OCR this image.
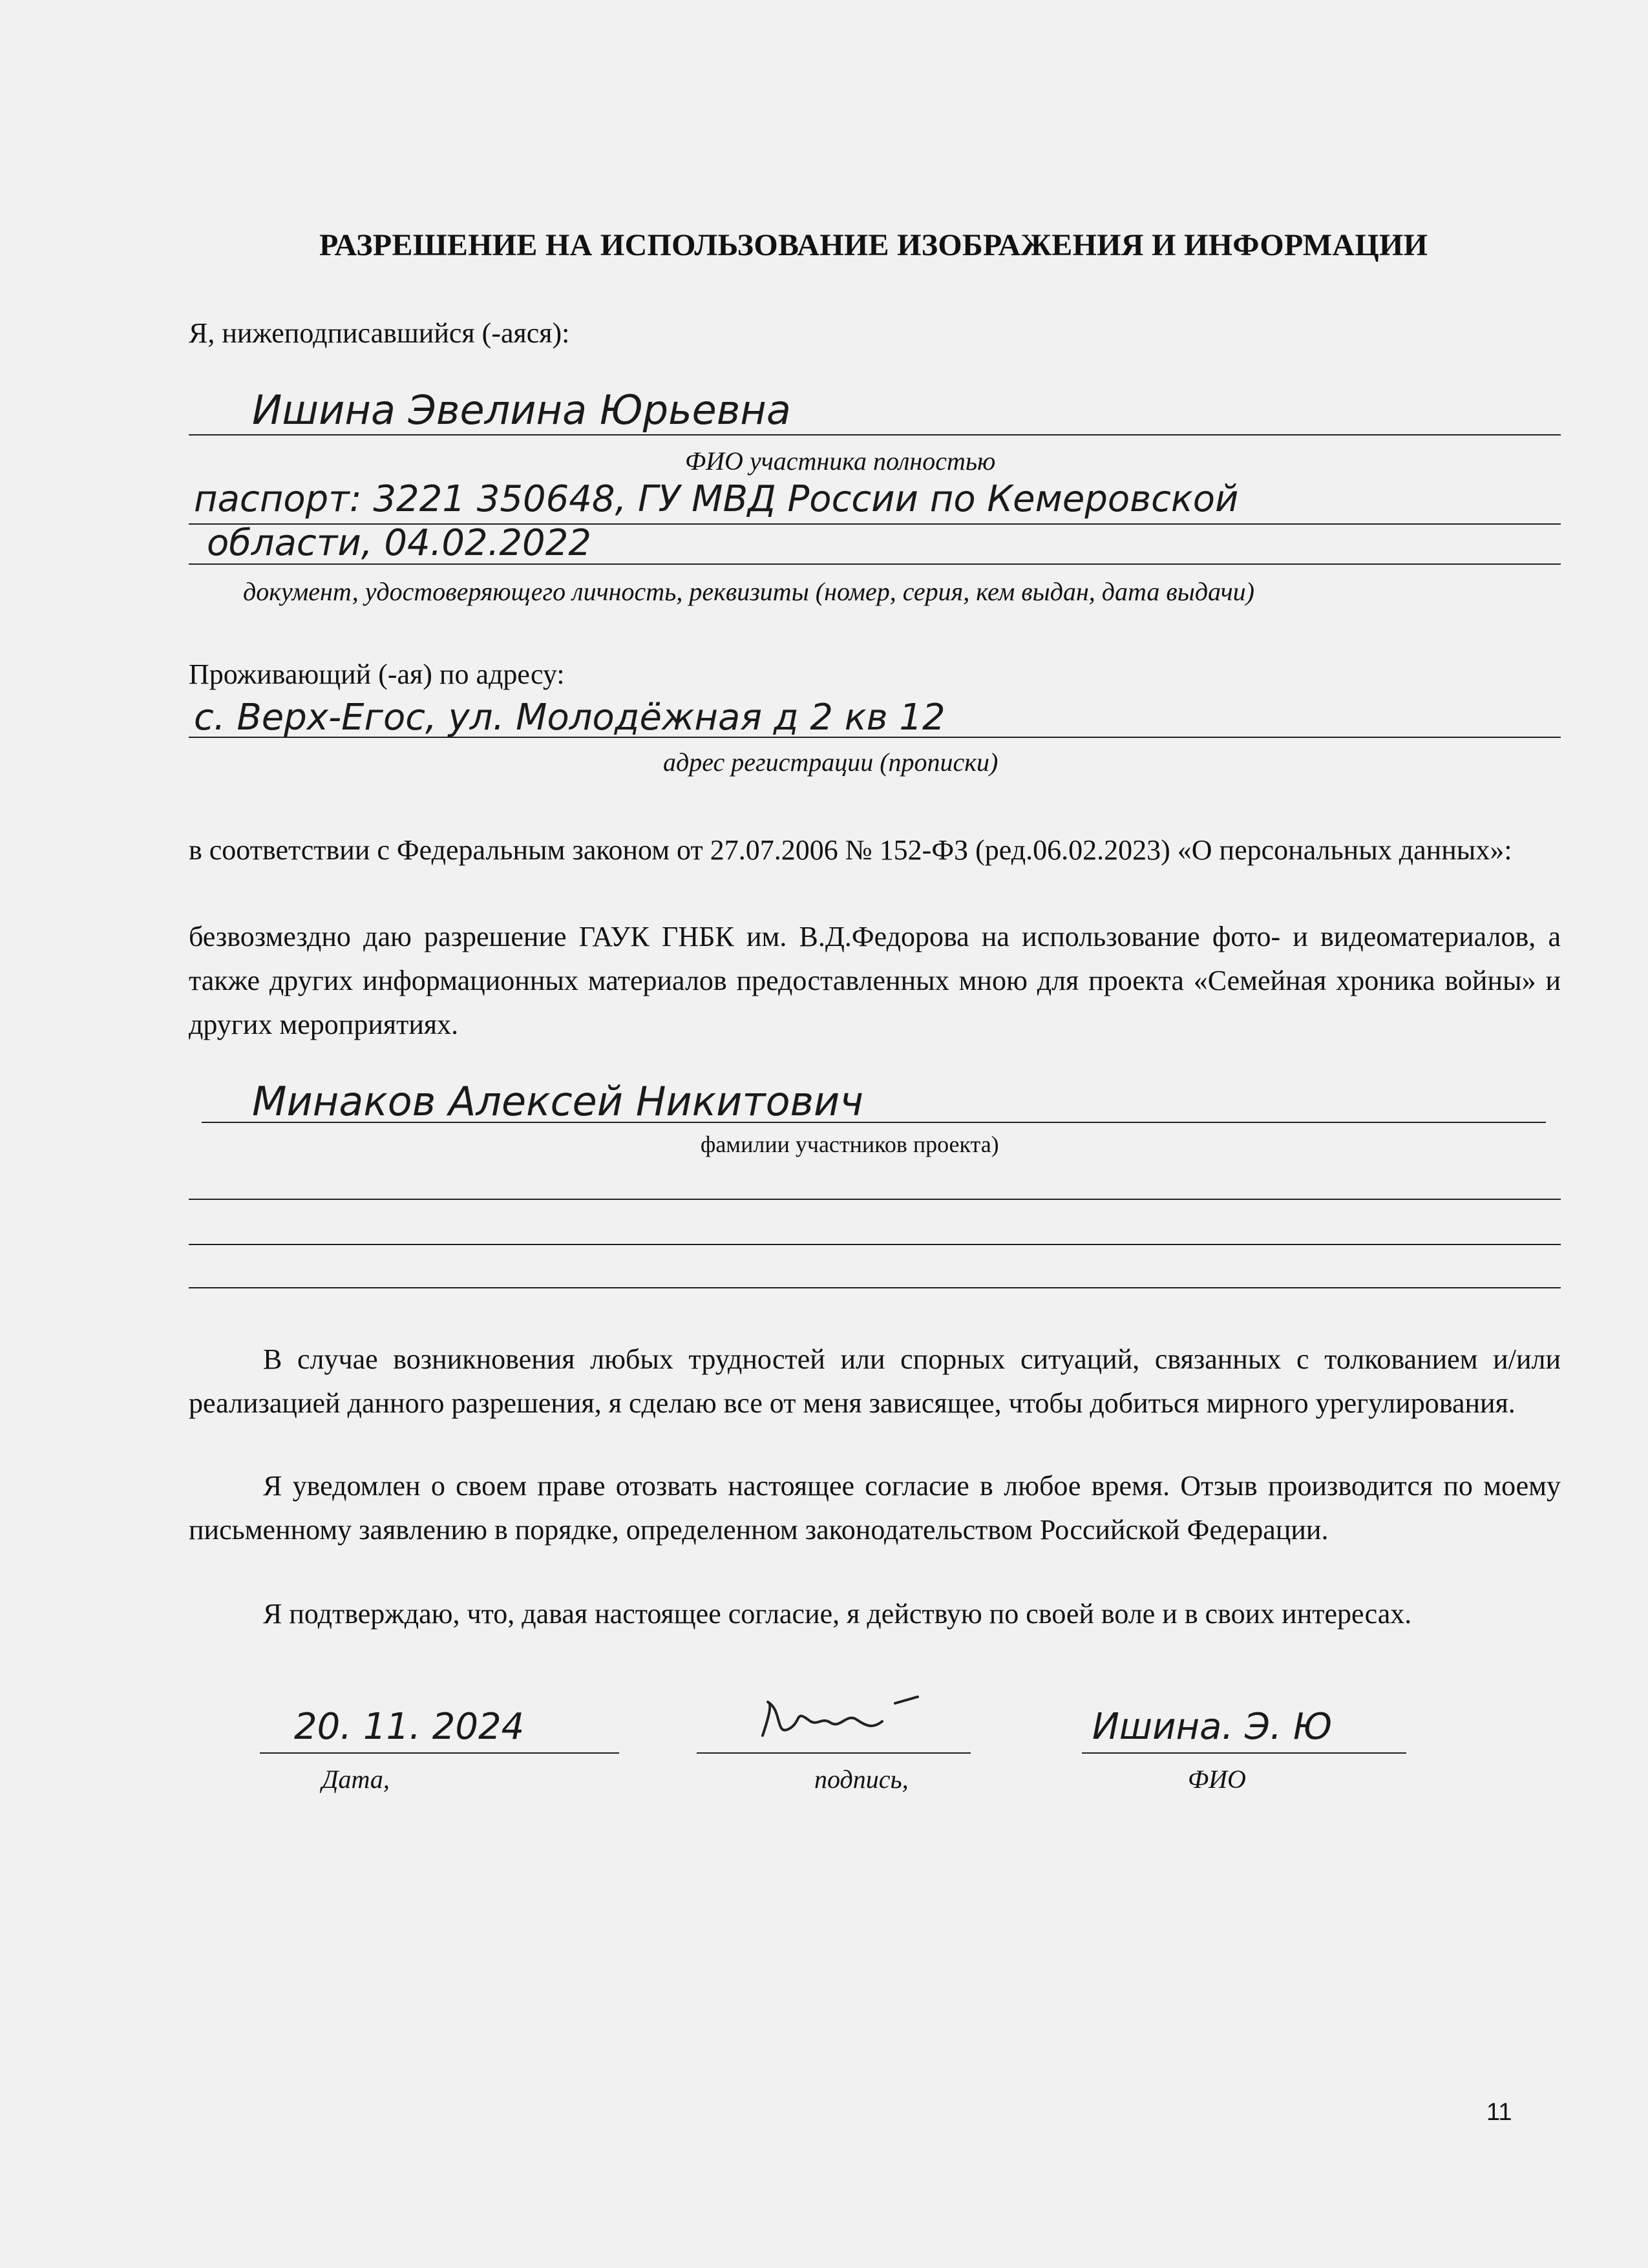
РАЗРЕШЕНИЕ НА ИСПОЛЬЗОВАНИЕ ИЗОБРАЖЕНИЯ И ИНФОРМАЦИИ
Я, нижеподписавшийся (-аяся):
Ишина Эвелина Юрьевна
ФИО участника полностью
паспорт: 3221 350648, ГУ МВД России по Кемеровской
области, 04.02.2022
документ, удостоверяющего личность, реквизиты (номер, серия, кем выдан, дата выдачи)
Проживающий (-ая) по адресу:
с. Верх-Егос, ул. Молодёжная д 2 кв 12
адрес регистрации (прописки)
в соответствии с Федеральным законом от 27.07.2006 № 152-ФЗ (ред.06.02.2023) «О персональных данных»:
безвозмездно даю разрешение ГАУК ГНБК им. В.Д.Федорова на использование фото- и видеоматериалов, а также других информационных материалов предоставленных мною для проекта «Семейная хроника войны» и других мероприятиях.
Минаков Алексей Никитович
фамилии участников проекта)
В случае возникновения любых трудностей или спорных ситуаций, связанных с толкованием и/или реализацией данного разрешения, я сделаю все от меня зависящее, чтобы добиться мирного урегулирования.
Я уведомлен о своем праве отозвать настоящее согласие в любое время. Отзыв производится по моему письменному заявлению в порядке, определенном законодательством Российской Федерации.
Я подтверждаю, что, давая настоящее согласие, я действую по своей воле и в своих интересах.
20. 11. 2024
Дата,	подпись,
Ишина. Э. Ю
ФИО
11
